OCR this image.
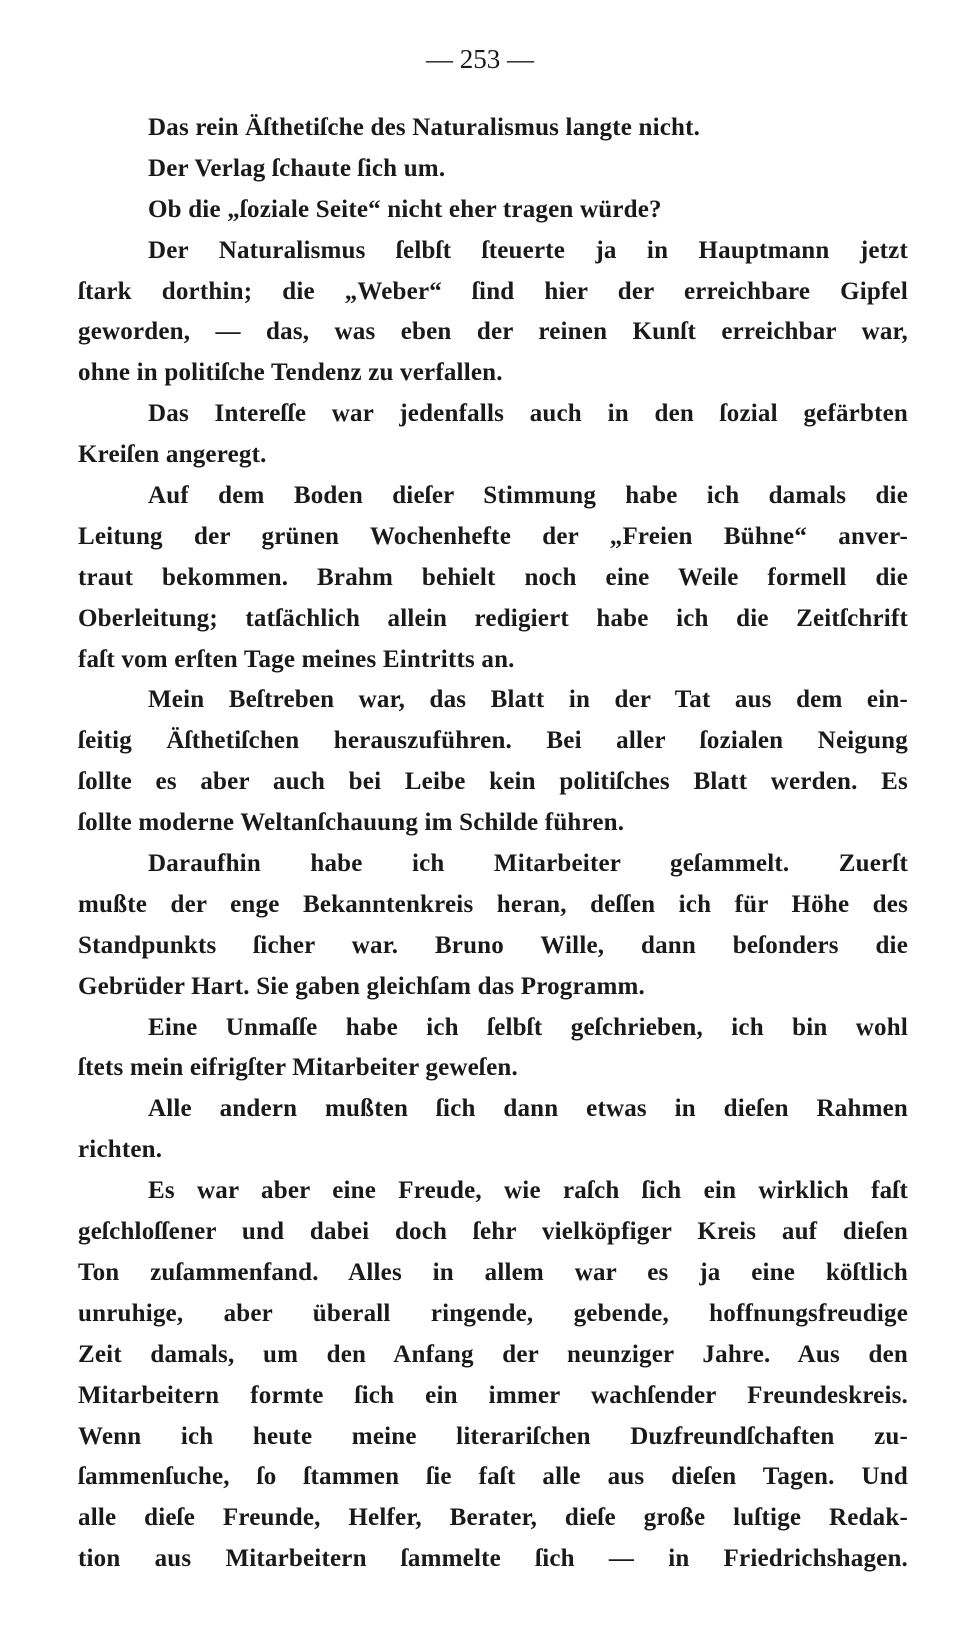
— 253 —
Das rein Äſthetiſche des Naturalismus langte nicht.
Der Verlag ſchaute ſich um.
Ob die „ſoziale Seite“ nicht eher tragen würde?
Der Naturalismus ſelbſt ſteuerte ja in Hauptmann jetzt
ſtark dorthin; die „Weber“ ſind hier der erreichbare Gipfel
geworden, — das, was eben der reinen Kunſt erreichbar war,
ohne in politiſche Tendenz zu verfallen.
Das Intereſſe war jedenfalls auch in den ſozial gefärbten
Kreiſen angeregt.
Auf dem Boden dieſer Stimmung habe ich damals die
Leitung der grünen Wochenhefte der „Freien Bühne“ anver-
traut bekommen. Brahm behielt noch eine Weile formell die
Oberleitung; tatſächlich allein redigiert habe ich die Zeitſchrift
faſt vom erſten Tage meines Eintritts an.
Mein Beſtreben war, das Blatt in der Tat aus dem ein-
ſeitig Äſthetiſchen herauszuführen. Bei aller ſozialen Neigung
ſollte es aber auch bei Leibe kein politiſches Blatt werden. Es
ſollte moderne Weltanſchauung im Schilde führen.
Daraufhin habe ich Mitarbeiter geſammelt. Zuerſt
mußte der enge Bekanntenkreis heran, deſſen ich für Höhe des
Standpunkts ſicher war. Bruno Wille, dann beſonders die
Gebrüder Hart. Sie gaben gleichſam das Programm.
Eine Unmaſſe habe ich ſelbſt geſchrieben, ich bin wohl
ſtets mein eifrigſter Mitarbeiter geweſen.
Alle andern mußten ſich dann etwas in dieſen Rahmen
richten.
Es war aber eine Freude, wie raſch ſich ein wirklich faſt
geſchloſſener und dabei doch ſehr vielköpfiger Kreis auf dieſen
Ton zuſammenfand. Alles in allem war es ja eine köſtlich
unruhige, aber überall ringende, gebende, hoffnungsfreudige
Zeit damals, um den Anfang der neunziger Jahre. Aus den
Mitarbeitern formte ſich ein immer wachſender Freundeskreis.
Wenn ich heute meine literariſchen Duzfreundſchaften zu-
ſammenſuche, ſo ſtammen ſie faſt alle aus dieſen Tagen. Und
alle dieſe Freunde, Helfer, Berater, dieſe große luſtige Redak-
tion aus Mitarbeitern ſammelte ſich — in Friedrichshagen.
